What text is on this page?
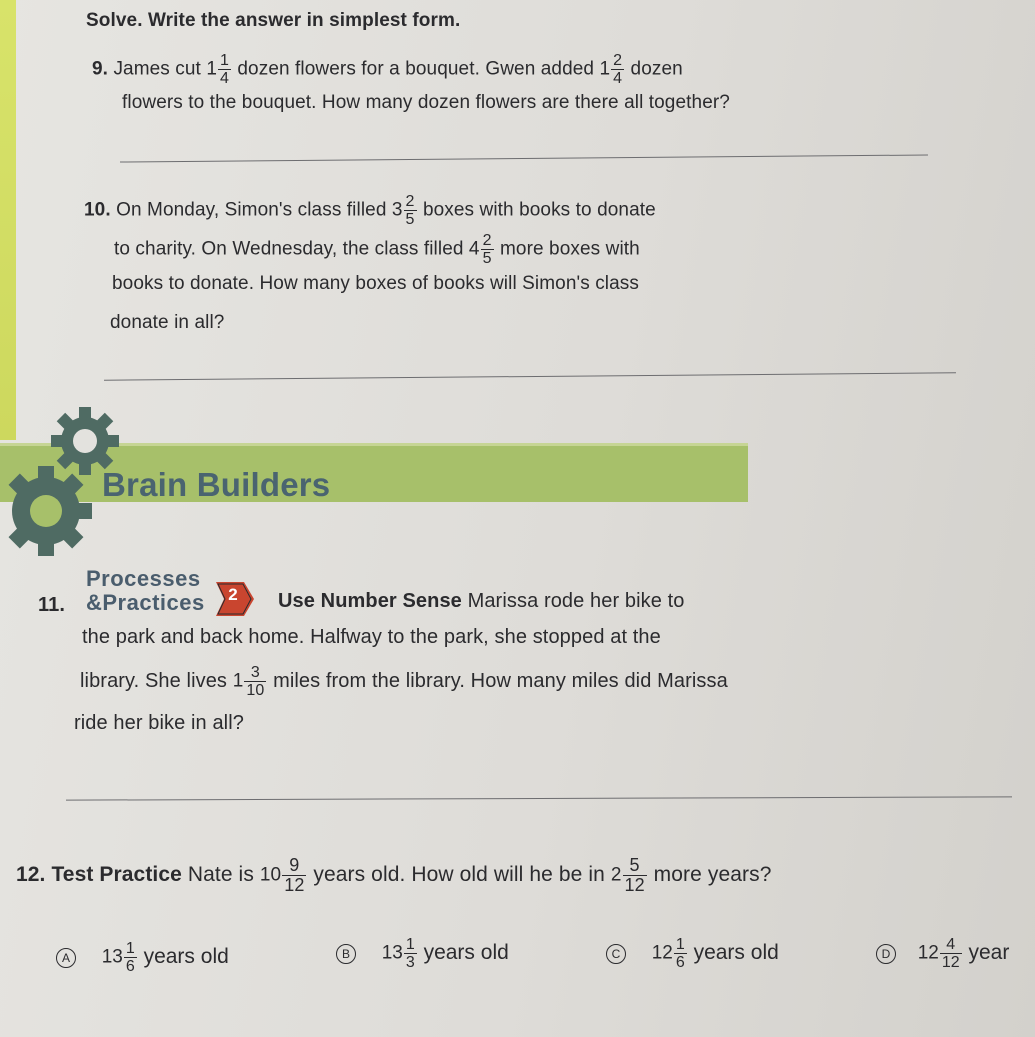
Solve. Write the answer in simplest form.
9. James cut $1 \frac{1}{4}$ dozen flowers for a bouquet. Gwen added $1 \frac{2}{4}$ dozen
flowers to the bouquet. How many dozen flowers are there all together?
10. On Monday, Simon's class filled $3 \frac{2}{5}$ boxes with books to donate
to charity. On Wednesday, the class filled $4 \frac{2}{5}$ more boxes with
books to donate. How many boxes of books will Simon's class
donate in all?
Brain Builders
Processes
11. &Practices	2 Use Number Sense Marissa rode her bike to
the park and back home. Halfway to the park, she stopped at the
library. She lives $1 \frac{3}{10}$ miles from the library. How many miles did Marissa
ride her bike in all?
12. Test Practice Nate is $10 \frac{9}{12}$ years old. How old will he be in $2 \frac{5}{12}$ more years?
A $13 \frac{1}{6}$ years old	B $13 \frac{1}{3}$ years old	C $12 \frac{1}{6}$ years old	D $12 \frac{4}{12}$ year
